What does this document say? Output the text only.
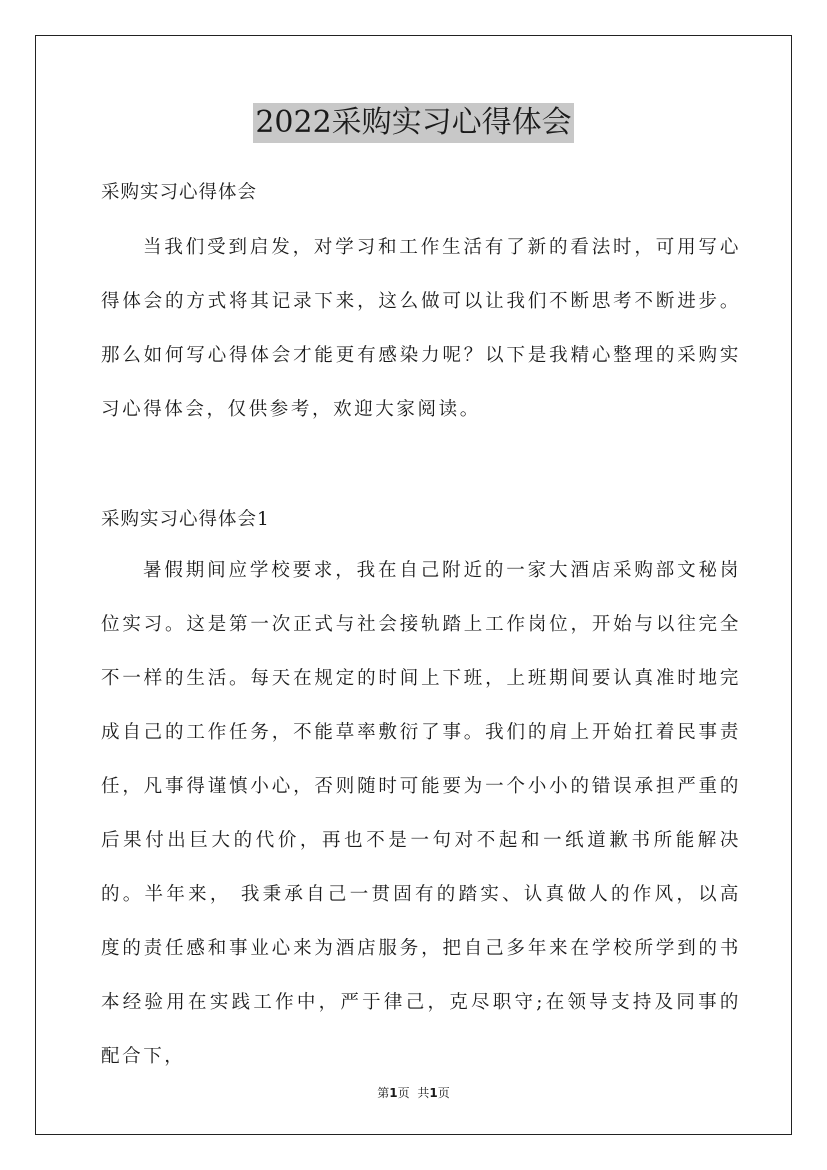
2022采购实习心得体会
采购实习心得体会

当我们受到启发，对学习和工作生活有了新的看法时，可用写心得体会的方式将其记录下来，这么做可以让我们不断思考不断进步。那么如何写心得体会才能更有感染力呢？以下是我精心整理的采购实习心得体会，仅供参考，欢迎大家阅读。

采购实习心得体会1

暑假期间应学校要求，我在自己附近的一家大酒店采购部文秘岗位实习。这是第一次正式与社会接轨踏上工作岗位，开始与以往完全不一样的生活。每天在规定的时间上下班，上班期间要认真准时地完成自己的工作任务，不能草率敷衍了事。我们的肩上开始扛着民事责任，凡事得谨慎小心，否则随时可能要为一个小小的错误承担严重的后果付出巨大的代价，再也不是一句对不起和一纸道歉书所能解决的。半年来， 我秉承自己一贯固有的踏实、认真做人的作风，以高度的责任感和事业心来为酒店服务，把自己多年来在学校所学到的书本经验用在实践工作中，严于律己，克尽职守;在领导支持及同事的配合下，

第1页 共1页
